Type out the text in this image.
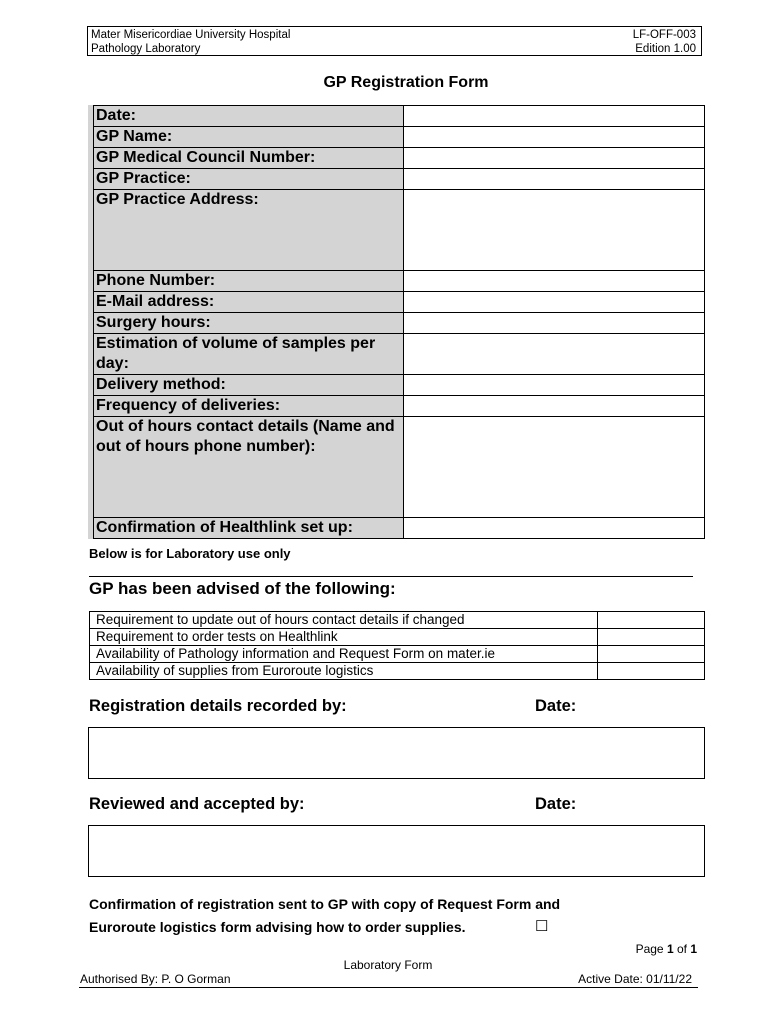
Mater Misericordiae University Hospital
Pathology Laboratory
LF-OFF-003
Edition 1.00
GP Registration Form
Date:	

GP Name:	

GP Medical Council Number:	

GP Practice:	

GP Practice Address:	

Phone Number:	

E-Mail address:	

Surgery hours:	

Estimation of volume of samples per day:	

Delivery method:	

Frequency of deliveries:	

Out of hours contact details (Name and out of hours phone number):	

Confirmation of Healthlink set up:	

Below is for Laboratory use only
GP has been advised of the following:
Requirement to update out of hours contact details if changed	
Requirement to order tests on Healthlink	
Availability of Pathology information and Request Form on mater.ie	
Availability of supplies from Euroroute logistics	
Registration details recorded by:	Date:
Reviewed and accepted by:	Date:
Confirmation of registration sent to GP with copy of Request Form and
Euroroute logistics form advising how to order supplies.	☐
Page 1 of 1
Laboratory Form
Authorised By: P. O Gorman	Active Date: 01/11/22
